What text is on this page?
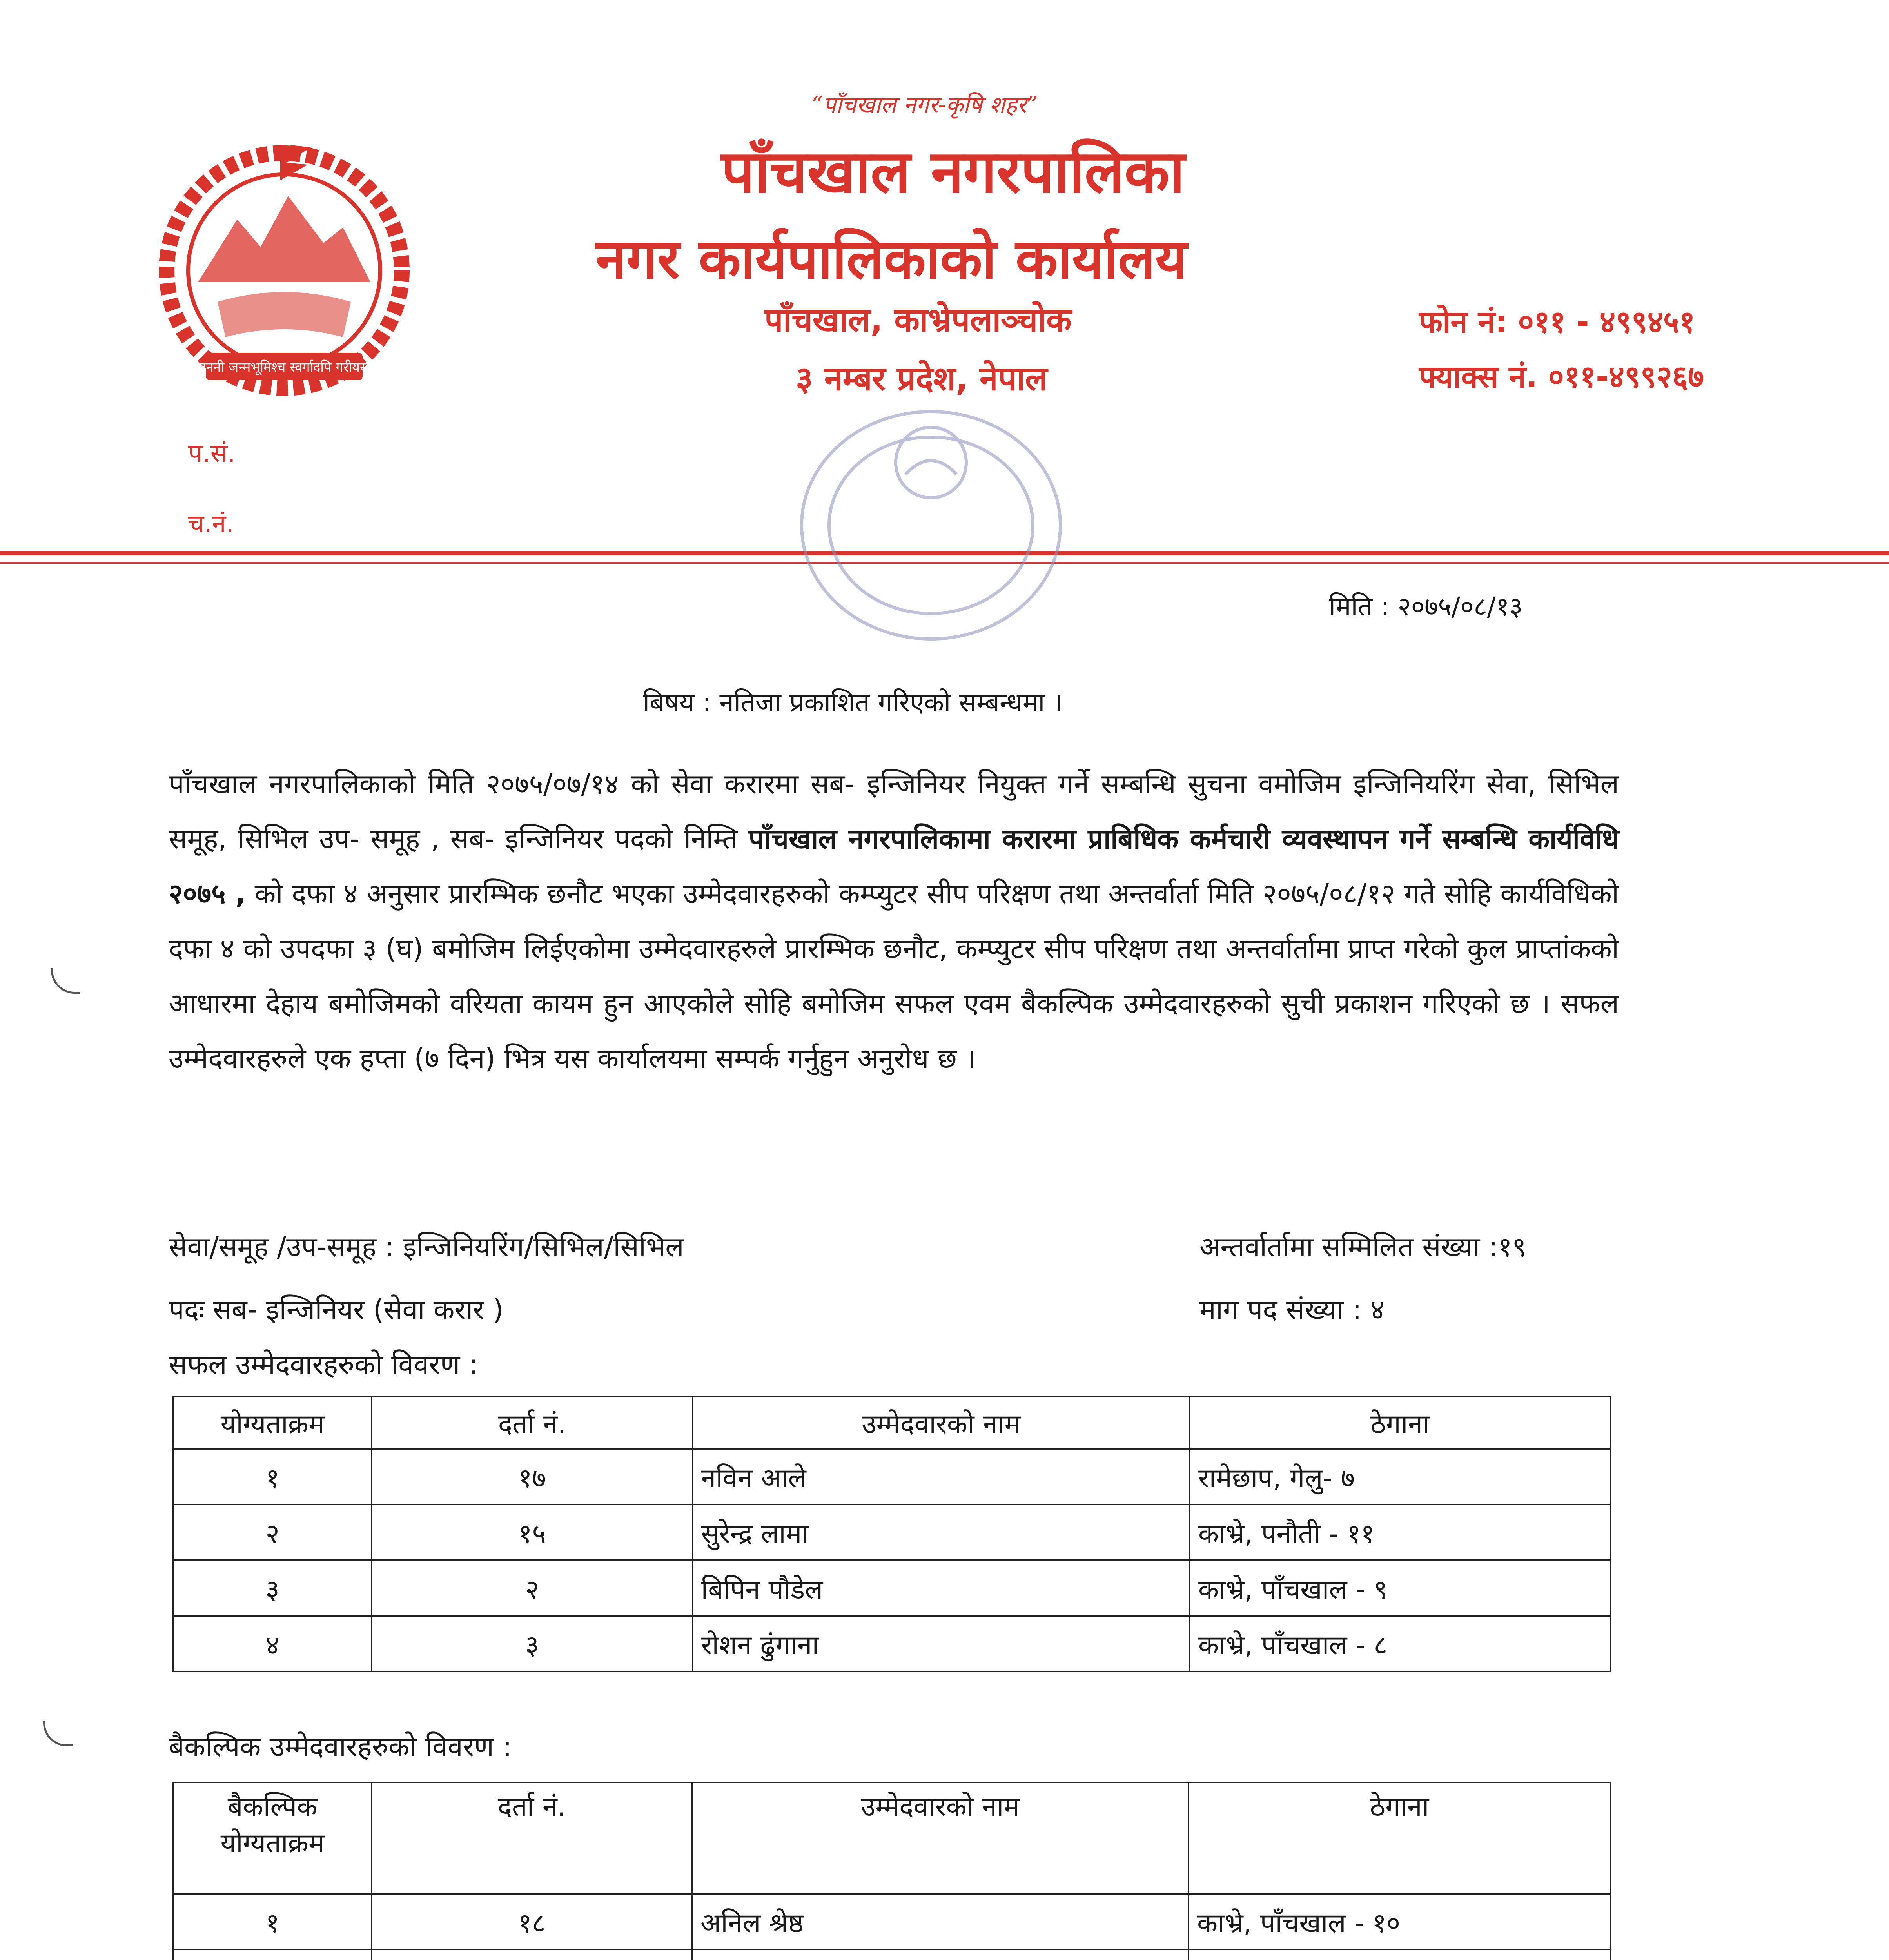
जननी जन्मभूमिश्च स्वर्गादपि गरीयसी
“पाँचखाल नगर-कृषि शहर”
पाँचखाल नगरपालिका
नगर कार्यपालिकाको कार्यालय
पाँचखाल, काभ्रेपलाञ्चोक
३ नम्बर प्रदेश, नेपाल
फोन नं: ०११ - ४९९४५१
फ्याक्स नं. ०११-४९९२६७
प.सं.
च.नं.
मिति : २०७५/०८/१३
बिषय : नतिजा प्रकाशित गरिएको सम्बन्धमा ।
पाँचखाल नगरपालिकाको मिति २०७५/०७/१४ को सेवा करारमा सब- इन्जिनियर नियुक्त गर्ने सम्बन्धि सुचना वमोजिम इन्जिनियरिंग सेवा, सिभिल समूह, सिभिल उप- समूह , सब- इन्जिनियर पदको निम्ति पाँचखाल नगरपालिकामा करारमा प्राबिधिक कर्मचारी व्यवस्थापन गर्ने सम्बन्धि कार्यविधि २०७५ , को दफा ४ अनुसार प्रारम्भिक छनौट भएका उम्मेदवारहरुको कम्प्युटर सीप परिक्षण तथा अन्तर्वार्ता मिति २०७५/०८/१२ गते सोहि कार्यविधिको दफा ४ को उपदफा ३ (घ) बमोजिम लिईएकोमा उम्मेदवारहरुले प्रारम्भिक छनौट, कम्प्युटर सीप परिक्षण तथा अन्तर्वार्तामा प्राप्त गरेको कुल प्राप्तांकको आधारमा देहाय बमोजिमको वरियता कायम हुन आएकोले सोहि बमोजिम सफल एवम बैकल्पिक उम्मेदवारहरुको सुची प्रकाशन गरिएको छ । सफल उम्मेदवारहरुले एक हप्ता (७ दिन) भित्र यस कार्यालयमा सम्पर्क गर्नुहुन अनुरोध छ ।
सेवा/समूह /उप-समूह : इन्जिनियरिंग/सिभिल/सिभिल	अन्तर्वार्तामा सम्मिलित संख्या :१९
पदः सब- इन्जिनियर (सेवा करार )	माग पद संख्या : ४
सफल उम्मेदवारहरुको विवरण :
योग्यताक्रम	दर्ता नं.	उम्मेदवारको नाम	ठेगाना
१	१७	नविन आले	रामेछाप, गेलु- ७
२	१५	सुरेन्द्र लामा	काभ्रे, पनौती - ११
३	२	बिपिन पौडेल	काभ्रे, पाँचखाल - ९
४	३	रोशन ढुंगाना	काभ्रे, पाँचखाल - ८
बैकल्पिक उम्मेदवारहरुको विवरण :
बैकल्पिक योग्यताक्रम	दर्ता नं.	उम्मेदवारको नाम	ठेगाना
१	१८	अनिल श्रेष्ठ	काभ्रे, पाँचखाल - १०
